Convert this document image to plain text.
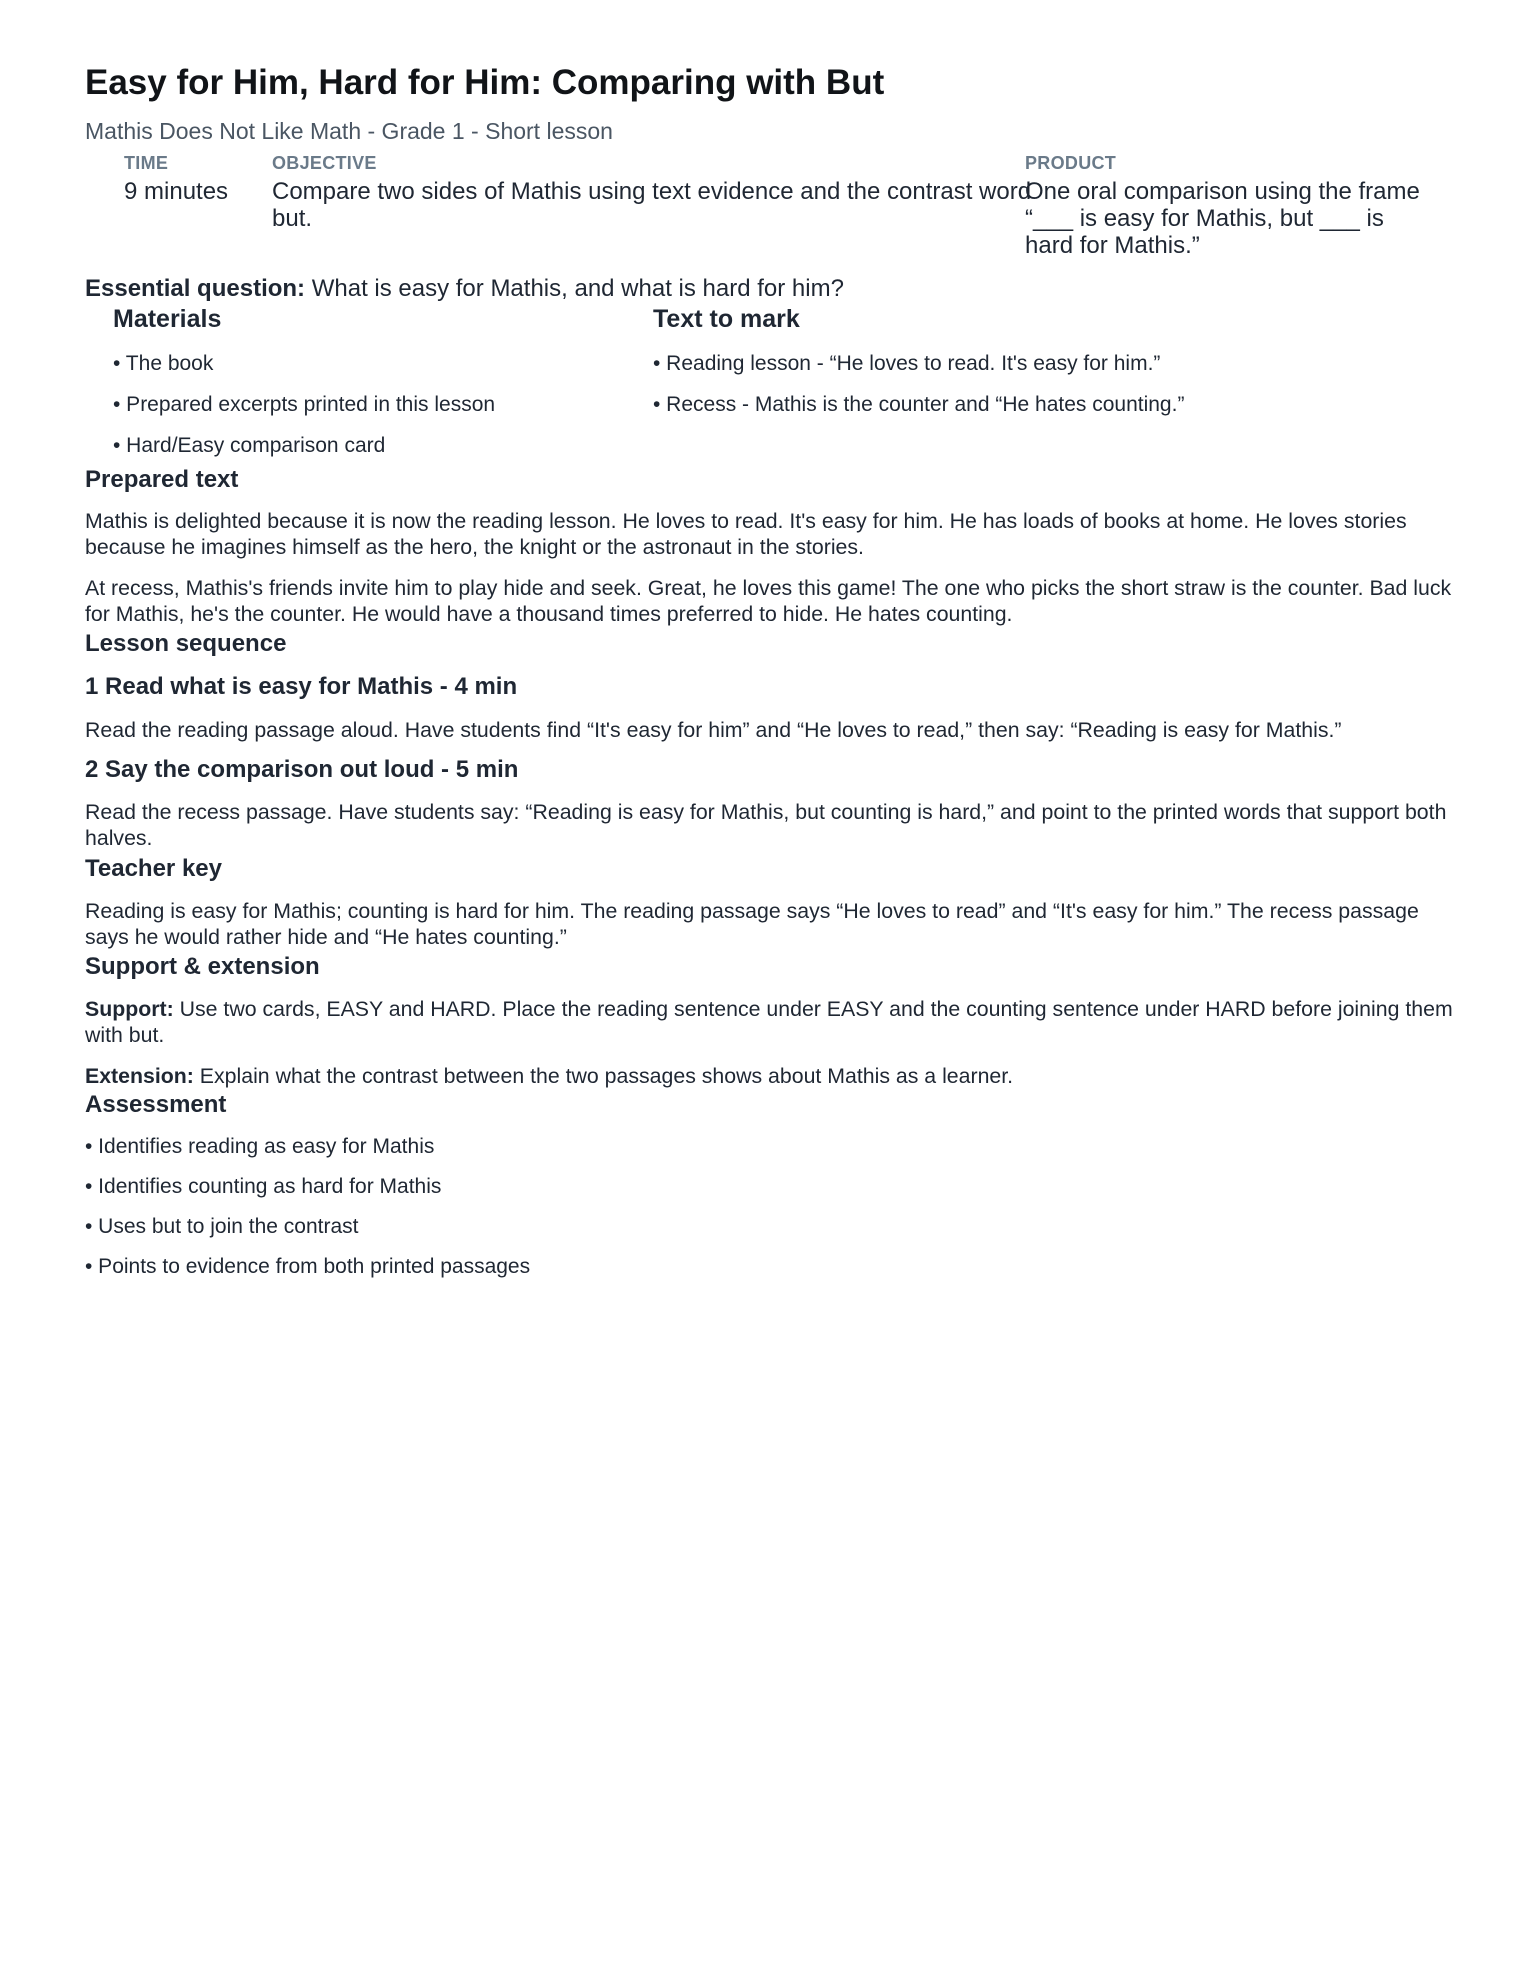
Easy for Him, Hard for Him: Comparing with But
Mathis Does Not Like Math - Grade 1 - Short lesson
TIME
9 minutes
OBJECTIVE
Compare two sides of Mathis using text evidence and the contrast word but.
PRODUCT
One oral comparison using the frame “___ is easy for Mathis, but ___ is hard for Mathis.”
Essential question: What is easy for Mathis, and what is hard for him?
Materials
• The book
• Prepared excerpts printed in this lesson
• Hard/Easy comparison card
Text to mark
• Reading lesson - “He loves to read. It's easy for him.”
• Recess - Mathis is the counter and “He hates counting.”
Prepared text
Mathis is delighted because it is now the reading lesson. He loves to read. It's easy for him. He has loads of books at home. He loves stories because he imagines himself as the hero, the knight or the astronaut in the stories.
At recess, Mathis's friends invite him to play hide and seek. Great, he loves this game! The one who picks the short straw is the counter. Bad luck for Mathis, he's the counter. He would have a thousand times preferred to hide. He hates counting.
Lesson sequence
1 Read what is easy for Mathis - 4 min
Read the reading passage aloud. Have students find “It's easy for him” and “He loves to read,” then say: “Reading is easy for Mathis.”
2 Say the comparison out loud - 5 min
Read the recess passage. Have students say: “Reading is easy for Mathis, but counting is hard,” and point to the printed words that support both halves.
Teacher key
Reading is easy for Mathis; counting is hard for him. The reading passage says “He loves to read” and “It's easy for him.” The recess passage says he would rather hide and “He hates counting.”
Support & extension
Support: Use two cards, EASY and HARD. Place the reading sentence under EASY and the counting sentence under HARD before joining them with but.
Extension: Explain what the contrast between the two passages shows about Mathis as a learner.
Assessment
• Identifies reading as easy for Mathis
• Identifies counting as hard for Mathis
• Uses but to join the contrast
• Points to evidence from both printed passages
